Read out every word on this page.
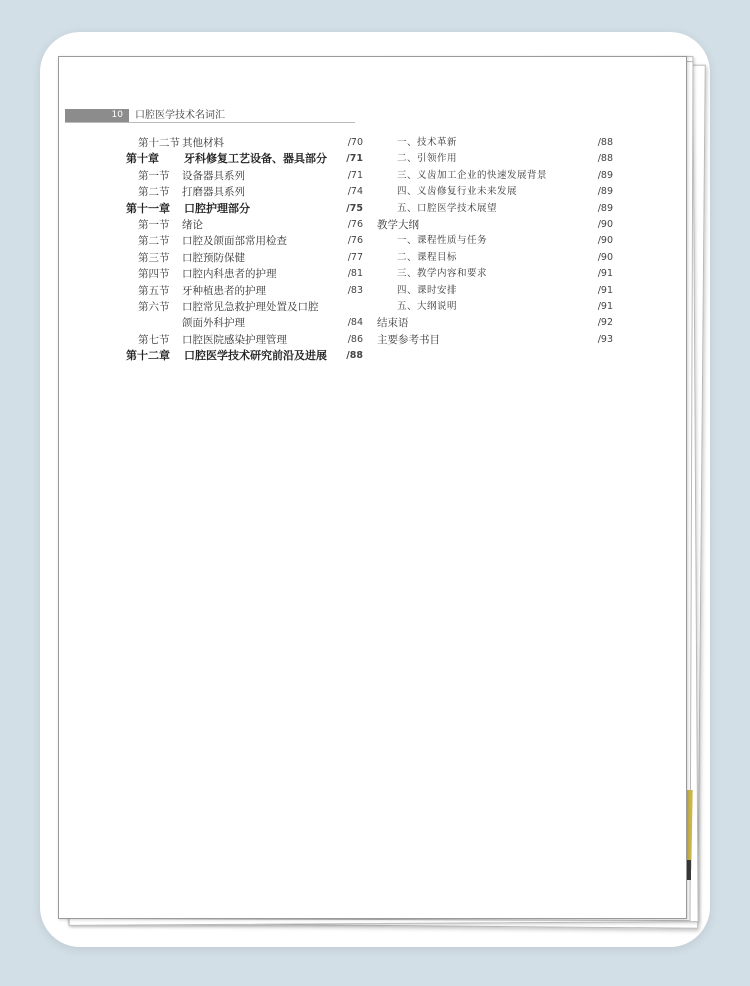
10	口腔医学技术名词汇
第十二节 其他材料	/70
第十章 牙科修复工艺设备、器具部分 /71
第一节 设备器具系列	/71
第二节 打磨器具系列	/74
第十一章 口腔护理部分	/75
第一节 绪论	/76
第二节 口腔及颌面部常用检查	/76
第三节 口腔预防保健	/77
第四节 口腔内科患者的护理	/81
第五节 牙种植患者的护理	/83
第六节 口腔常见急救护理处置及口腔
颌面外科护理	/84
第七节 口腔医院感染护理管理	/86
第十二章 口腔医学技术研究前沿及进展 /88
一、技术革新	/88
二、引领作用	/88
三、义齿加工企业的快速发展背景	/89
四、义齿修复行业未来发展	/89
五、口腔医学技术展望	/89
教学大纲	/90
一、课程性质与任务	/90
二、课程目标	/90
三、教学内容和要求	/91
四、课时安排	/91
五、大纲说明	/91
结束语	/92
主要参考书目	/93
